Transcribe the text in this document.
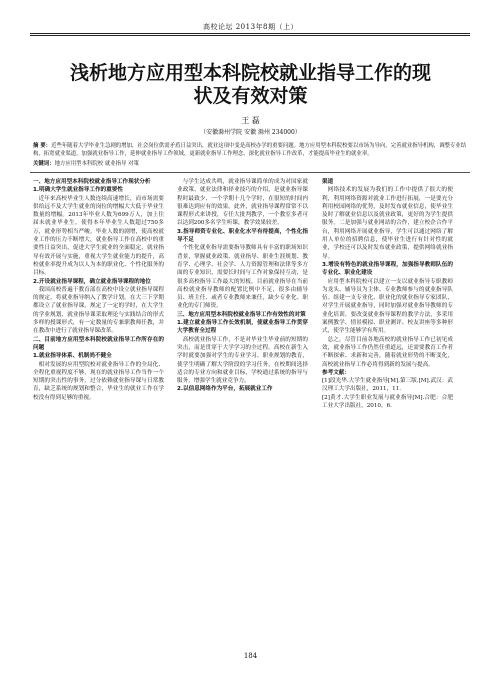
高校论坛 2013年8期（上）
浅析地方应用型本科院校就业指导工作的现
状及有效对策
王 磊
（安徽滁州学院 安徽 滁州 234000）
摘 要：近些年随着大学毕业生急剧的增加，社会岗位供需矛盾日益突出，就业这项中变是高校办学的重要问题。地方应用型本科院校要以市场为导向，完善就业指导机构，调整专业结构，拓宽就业渠道，加强就业指导工作，延伸就业指导工作领域，更新就业指导工作理念，深化就业指导工作改革，才能提高毕业生的就业率。
关键词：地方应用型本科院校 就业指导 对策

一、地方应用型本科院校就业指导工作现状分析

1.明确大学生就业指导工作的重要性

近年来高校毕业生人数连续高速增长，而市场需要供给远不及大学生就业的岗位的增幅大大低于毕业生数量的增幅。2013年毕业人数为699万人，加上往届未就业毕业生，使得本年毕业生人数超过750多万，就业形势相当严峻。毕业人数的剧增，使高校就业工作的压力不断增大，就业指导工作在高校中的重要性日益突出，促进大学生就业的全面稳定，就业指导有效开展与实施，重视大学生就业能力的提升，高校就业率提升成为以人为本的职业化、个性化服务的目标。

2.开设就业指导课程，确立就业指导课程的地位

我国高校普遍于教育部在高校中设立就业指导课程的规定，将就业指导纳入了教学计划。在大三下学期都设立了就业指导课，规定了一定的学时，在大学生的学业规划、就业指导课采取理论与实践结合的形式多样的授课形式，有一定数量的专兼职教师任教，并在教改中进行了就业指导课改革。

二、目前地方应用型本科院校就业指导工作所存在的问题

1.就业指导体系、机制尚不健全

相对发展的应用型院校对就业指导工作的全局化、全程化重视程度不够，现在的就业指导工作当作一个短期的突击性的事务，过分依赖就业指导课与日常教育，缺乏系统的规划和整合，毕业生的就业工作在学校没有得到足够的重视。

与学生达成共鸣，就业指导课简单的成为对国家就业政策、就业法律和择业技巧的介绍，是就业指导课程时最致少、一个学期十几个学时，在很短的时间内很难达到应有的效果。此外，就业指导课程常常不以课程形式来讲授，专任大批判教学，一个教室多者可以达到200多名学生听课，教学效果较差。

3.指导师资专业化、职业化水平有待提高，个性化指导不足

个性化就业指导需要指导教师具有丰富的职场知识背景，掌握就业政策、就业指导、职业生涯规划、教育学、心理学、社会学、人力资源管理和法律等多方面的专业知识，需要长时间与工作对象保持互动，是很多高校指导工作最大的短板。目前就业指导在当前高校就业指导教师的配置比例中不足，很多由辅导员、班主任、或者专业教师来兼任，缺少专业化、职业化的专门师资。

三、地方应用型本科院校就业指导工作有效性的对策

1.建立就业指导工作长效机制，使就业指导工作贯穿大学教育全过程

高校就业指导工作，不是对毕业生毕业前的短期的突击，而是贯穿于大学学习的全过程。高校在新生入学时就要加强对学生的专业学习、职业规划的教育，使学生明确了解大学阶段的学习任务，在校期间选择适合的专业方向和就业目标，学校通过系统的指导与服务，增强学生就业竞争力。

2.以信息网络作为平台，拓展就业工作

渠道

网络技术的发展为我们的工作中提供了很大的便利，利用网络资源对就业工作进行拓展，一是要充分利用校园网络的优势，及时发布就业信息，使毕业生及时了解就业信息以及就业政策，更好的为学生提供服务。二是加强与就业网站的合作，建立校企合作平台，利用网络开展就业指导，学生可以通过网络了解用人单位的招聘信息，使毕业生进行有针对性的就业，学校还可以及时发布就业政策，提供网络就业指导。

3.增设有特色的就业指导课程，加强指导教师队伍的专业化、职业化建设

应用型本科院校可以建立一支以就业指导专职教师为龙头、辅导员为主体、专业教师参与的就业指导队伍。组建一支专业化、职业化的就业指导专家团队，对学生开展就业指导，同时加强对就业指导教师的专业化培训。要改变就业指导课程的教学方法，多采用案例教学、情景模拟、职业测评、校友讲座等多种形式，使学生能够学有所用。

总之，尽管目前各地高校的就业指导工作已初见成效，就业指导工作仍然任重道远，还需要教育工作者不断探索、求新和完善，随着就业形势的不断变化，高校就业指导工作必将得到新的发展与提高。

参考文献：

[1]段光华.大学生就业指导[M].第三版.[M].武汉：武汉理工大学出版社，2011，11.

[2]黄才.大学生职业发展与就业指导[M].合肥：合肥工业大学出版社，2010，6.

184
